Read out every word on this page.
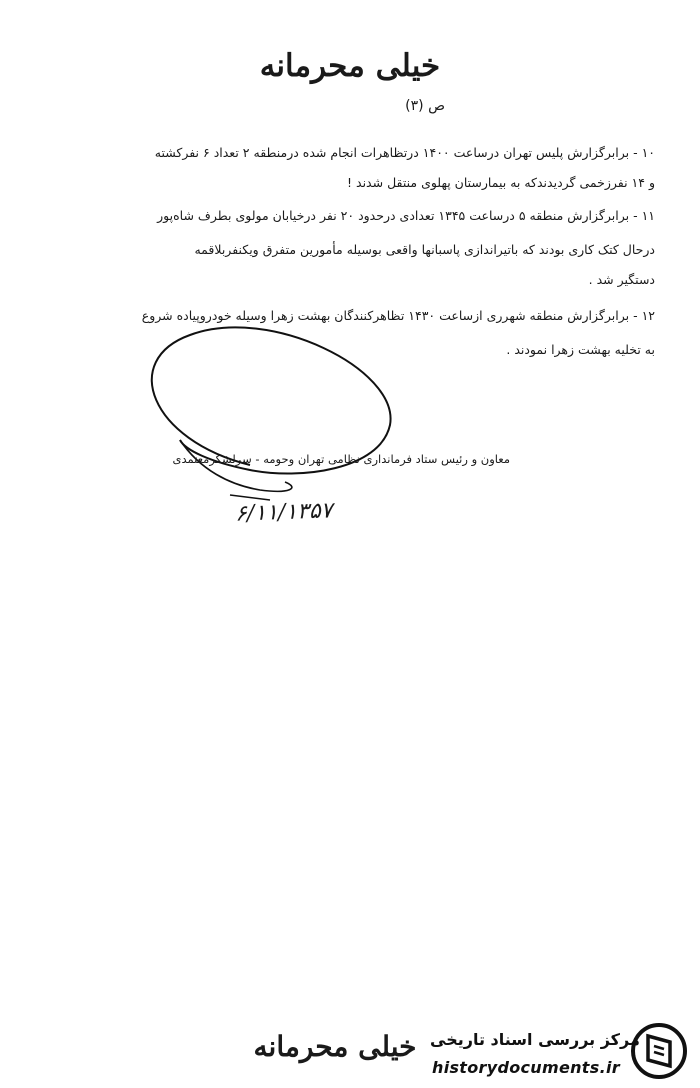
خیلی محرمانه
ص (۳)

۱۰ - برابرگزارش پلیس تهران درساعت ۱۴۰۰ درتظاهرات انجام شده درمنطقه ۲ تعداد ۶ نفرکشته

و ۱۴ نفرزخمی گردیدندکه به بیمارستان پهلوی منتقل شدند !

۱۱ - برابرگزارش منطقه ۵ درساعت ۱۳۴۵ تعدادی درحدود ۲۰ نفر درخیابان مولوی بطرف شاه‌پور

درحال کتک کاری بودند که باتیراندازی پاسبانها واقعی بوسیله مأمورین متفرق ویکنفربلاقمه

دستگیر شد .

۱۲ - برابرگزارش منطقه شهرری ازساعت ۱۴۳۰ تظاهرکنندگان بهشت زهرا وسیله خودروپیاده شروع

به تخلیه بهشت زهرا نمودند .

معاون و رئیس ستاد فرمانداری نظامی تهران وحومه - سرلشکرمعتمدی
۶/۱۱/۱۳۵۷
خیلی محرمانه مرکز بررسی اسناد تاریخی
historydocuments.ir
